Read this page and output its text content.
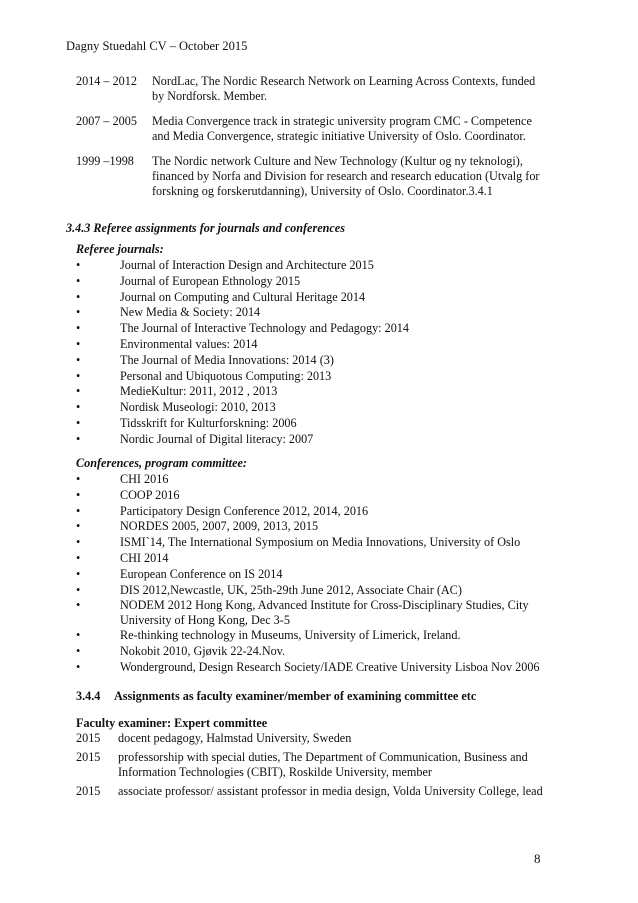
Dagny Stuedahl CV – October 2015
2014 – 2012	NordLac, The Nordic Research Network on Learning Across Contexts, funded by Nordforsk. Member.
2007 – 2005	Media Convergence track in strategic university program CMC - Competence and Media Convergence, strategic initiative University of Oslo. Coordinator.
1999 –1998	The Nordic network Culture and New Technology (Kultur og ny teknologi), financed by Norfa and Division for research and research education (Utvalg for forskning og forskerutdanning), University of Oslo. Coordinator.3.4.1
3.4.3 Referee assignments for journals and conferences
Referee journals:
•	Journal of Interaction Design and Architecture 2015
•	Journal of European Ethnology 2015
•	Journal on Computing and Cultural Heritage 2014
•	New Media & Society: 2014
•	The Journal of Interactive Technology and Pedagogy: 2014
•	Environmental values: 2014
•	The Journal of Media Innovations: 2014 (3)
•	Personal and Ubiquotous Computing: 2013
•	MedieKultur: 2011, 2012 , 2013
•	Nordisk Museologi: 2010, 2013
•	Tidsskrift for Kulturforskning: 2006
•	Nordic Journal of Digital literacy: 2007
Conferences, program committee:
•	CHI 2016
•	COOP 2016
•	Participatory Design Conference 2012, 2014, 2016
•	NORDES 2005, 2007, 2009, 2013, 2015
•	ISMI`14, The International Symposium on Media Innovations, University of Oslo
•	CHI 2014
•	European Conference on IS 2014
•	DIS 2012,Newcastle, UK, 25th-29th June 2012, Associate Chair (AC)
•	NODEM 2012 Hong Kong, Advanced Institute for Cross-Disciplinary Studies, City University of Hong Kong, Dec 3-5
•	Re-thinking technology in Museums, University of Limerick, Ireland.
•	Nokobit 2010, Gjøvik 22-24.Nov.
•	Wonderground, Design Research Society/IADE Creative University Lisboa Nov 2006
3.4.4	Assignments as faculty examiner/member of examining committee etc
Faculty examiner: Expert committee
2015	docent pedagogy, Halmstad University, Sweden
2015	professorship with special duties, The Department of Communication, Business and Information Technologies (CBIT), Roskilde University, member
2015	associate professor/ assistant professor in media design, Volda University College, lead
8
